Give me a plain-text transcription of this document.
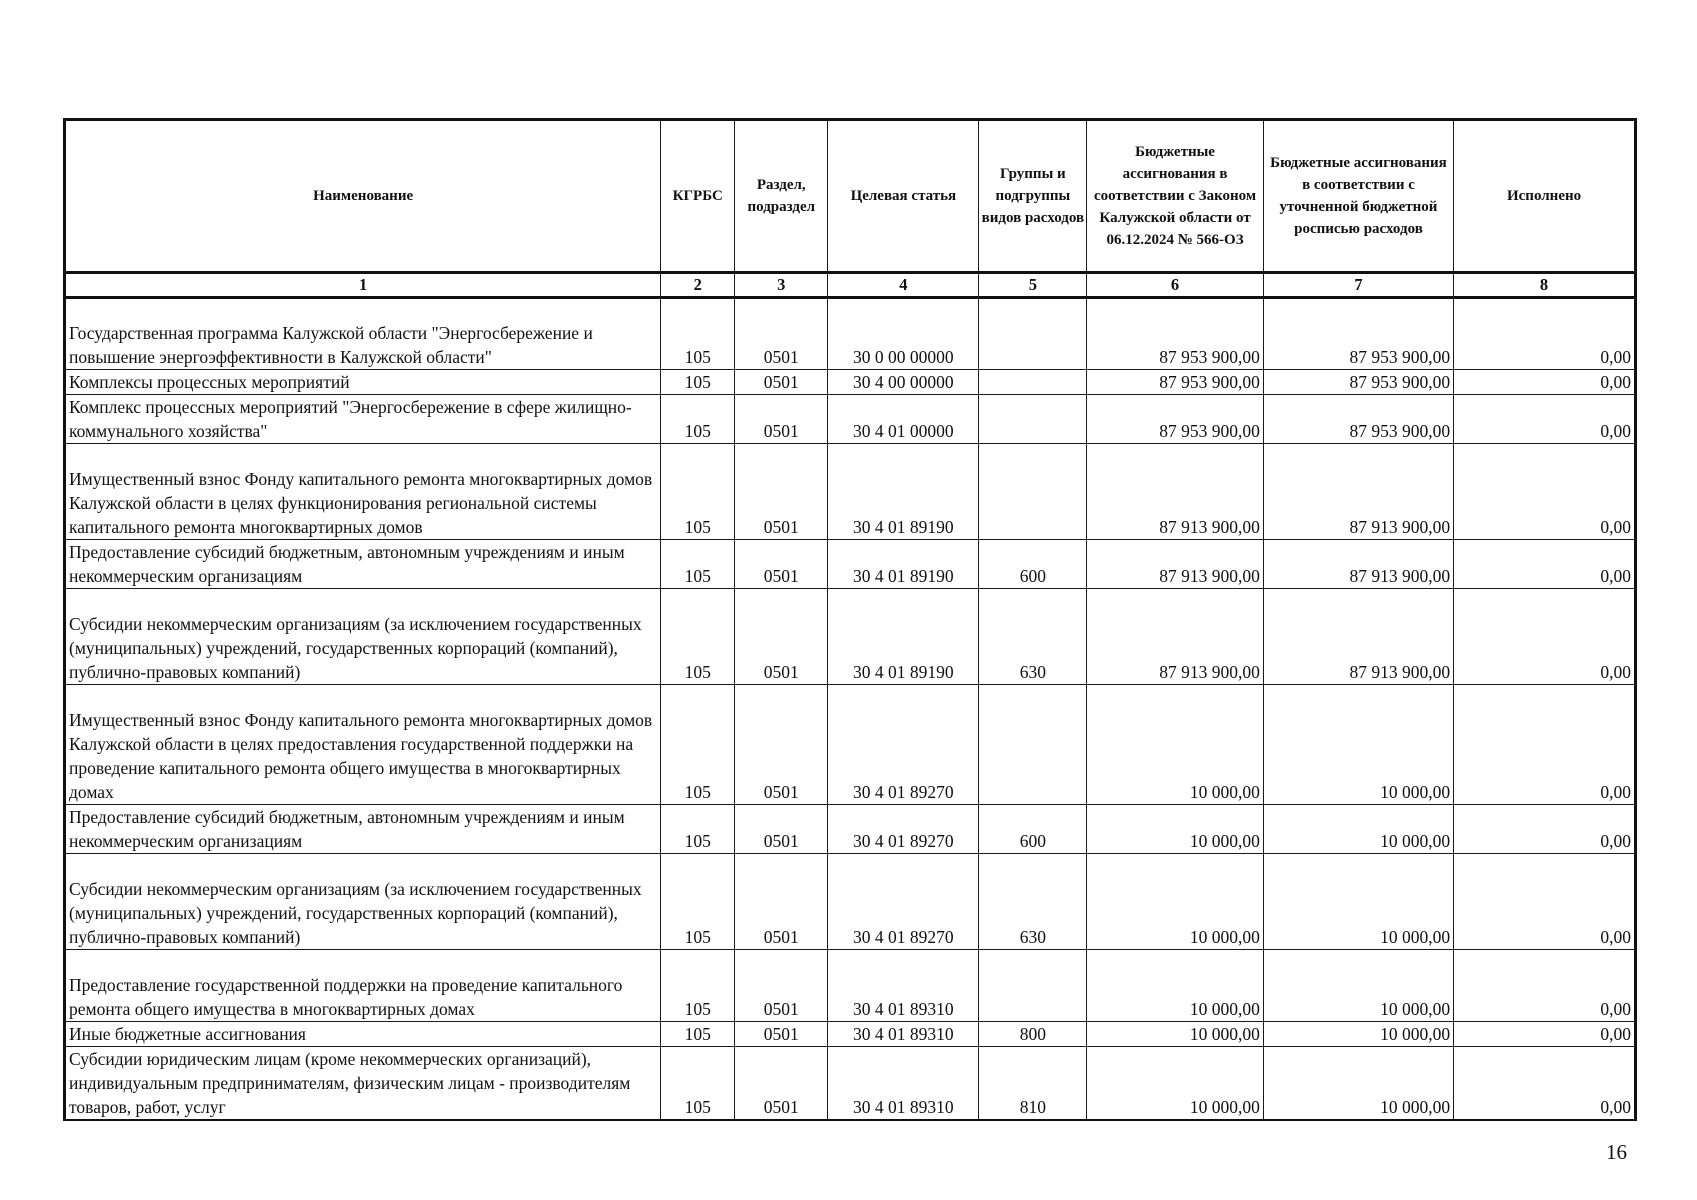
Наименование	КГРБС	Раздел, подраздел	Целевая статья	Группы и подгруппы видов расходов	Бюджетные ассигнования в соответствии с Законом Калужской области от 06.12.2024 № 566-ОЗ	Бюджетные ассигнования в соответствии с уточненной бюджетной росписью расходов	Исполнено
1	2	3	4	5	6	7	8
Государственная программа Калужской области "Энергосбережение и повышение энергоэффективности в Калужской области"	105	0501	30 0 00 00000		87 953 900,00	87 953 900,00	0,00
Комплексы процессных мероприятий	105	0501	30 4 00 00000		87 953 900,00	87 953 900,00	0,00
Комплекс процессных мероприятий "Энергосбережение в сфере жилищно-коммунального хозяйства"	105	0501	30 4 01 00000		87 953 900,00	87 953 900,00	0,00
Имущественный взнос Фонду капитального ремонта многоквартирных домов Калужской области в целях функционирования региональной системы капитального ремонта многоквартирных домов	105	0501	30 4 01 89190		87 913 900,00	87 913 900,00	0,00
Предоставление субсидий бюджетным, автономным учреждениям и иным некоммерческим организациям	105	0501	30 4 01 89190	600	87 913 900,00	87 913 900,00	0,00
Субсидии некоммерческим организациям (за исключением государственных (муниципальных) учреждений, государственных корпораций (компаний), публично-правовых компаний)	105	0501	30 4 01 89190	630	87 913 900,00	87 913 900,00	0,00
Имущественный взнос Фонду капитального ремонта многоквартирных домов Калужской области в целях предоставления государственной поддержки на проведение капитального ремонта общего имущества в многоквартирных домах	105	0501	30 4 01 89270		10 000,00	10 000,00	0,00
Предоставление субсидий бюджетным, автономным учреждениям и иным некоммерческим организациям	105	0501	30 4 01 89270	600	10 000,00	10 000,00	0,00
Субсидии некоммерческим организациям (за исключением государственных (муниципальных) учреждений, государственных корпораций (компаний), публично-правовых компаний)	105	0501	30 4 01 89270	630	10 000,00	10 000,00	0,00
Предоставление государственной поддержки на проведение капитального ремонта общего имущества в многоквартирных домах	105	0501	30 4 01 89310		10 000,00	10 000,00	0,00
Иные бюджетные ассигнования	105	0501	30 4 01 89310	800	10 000,00	10 000,00	0,00
Субсидии юридическим лицам (кроме некоммерческих организаций), индивидуальным предпринимателям, физическим лицам - производителям товаров, работ, услуг	105	0501	30 4 01 89310	810	10 000,00	10 000,00	0,00
16
